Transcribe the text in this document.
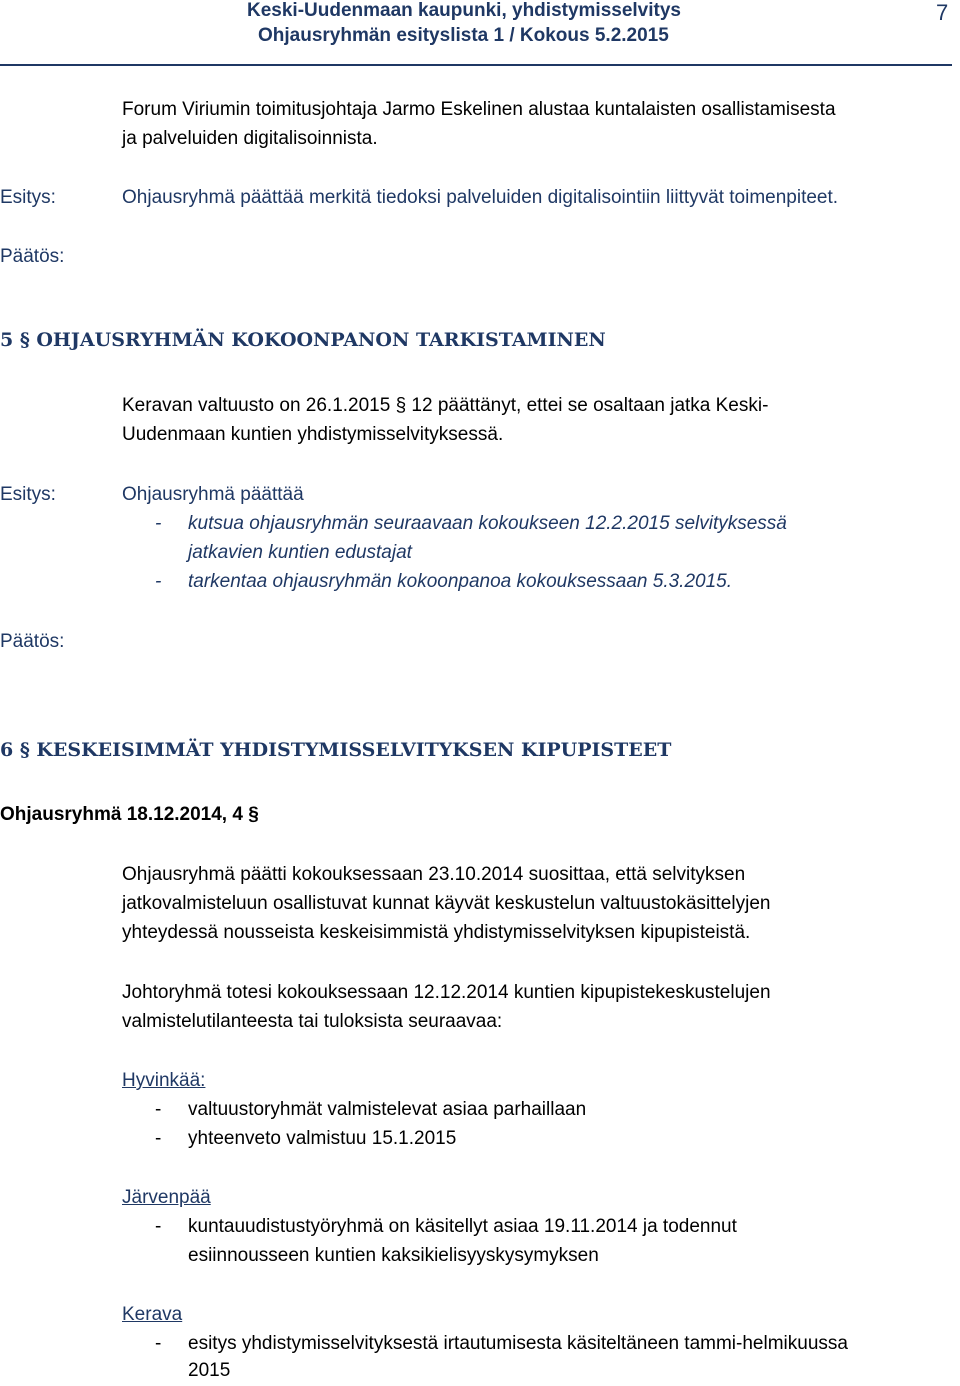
Keski-Uudenmaan kaupunki, yhdistymisselvitys
Ohjausryhmän esityslista 1 / Kokous 5.2.2015
7
Forum Viriumin toimitusjohtaja Jarmo Eskelinen alustaa kuntalaisten osallistamisesta
ja palveluiden digitalisoinnista.
Esitys:	Ohjausryhmä päättää merkitä tiedoksi palveluiden digitalisointiin liittyvät toimenpiteet.
Päätös:
5 § OHJAUSRYHMÄN KOKOONPANON TARKISTAMINEN
Keravan valtuusto on 26.1.2015 § 12 päättänyt, ettei se osaltaan jatka Keski-
Uudenmaan kuntien yhdistymisselvityksessä.
Esitys:	Ohjausryhmä päättää
- kutsua ohjausryhmän seuraavaan kokoukseen 12.2.2015 selvityksessä
jatkavien kuntien edustajat
- tarkentaa ohjausryhmän kokoonpanoa kokouksessaan 5.3.2015.
Päätös:
6 § KESKEISIMMÄT YHDISTYMISSELVITYKSEN KIPUPISTEET
Ohjausryhmä 18.12.2014, 4 §
Ohjausryhmä päätti kokouksessaan 23.10.2014 suosittaa, että selvityksen
jatkovalmisteluun osallistuvat kunnat käyvät keskustelun valtuustokäsittelyjen
yhteydessä nousseista keskeisimmistä yhdistymisselvityksen kipupisteistä.
Johtoryhmä totesi kokouksessaan 12.12.2014 kuntien kipupistekeskustelujen
valmistelutilanteesta tai tuloksista seuraavaa:
Hyvinkää:
- valtuustoryhmät valmistelevat asiaa parhaillaan
- yhteenveto valmistuu 15.1.2015
Järvenpää
- kuntauudistustyöryhmä on käsitellyt asiaa 19.11.2014 ja todennut
esiinnousseen kuntien kaksikielisyyskysymyksen
Kerava
- esitys yhdistymisselvityksestä irtautumisesta käsiteltäneen tammi-helmikuussa
2015
